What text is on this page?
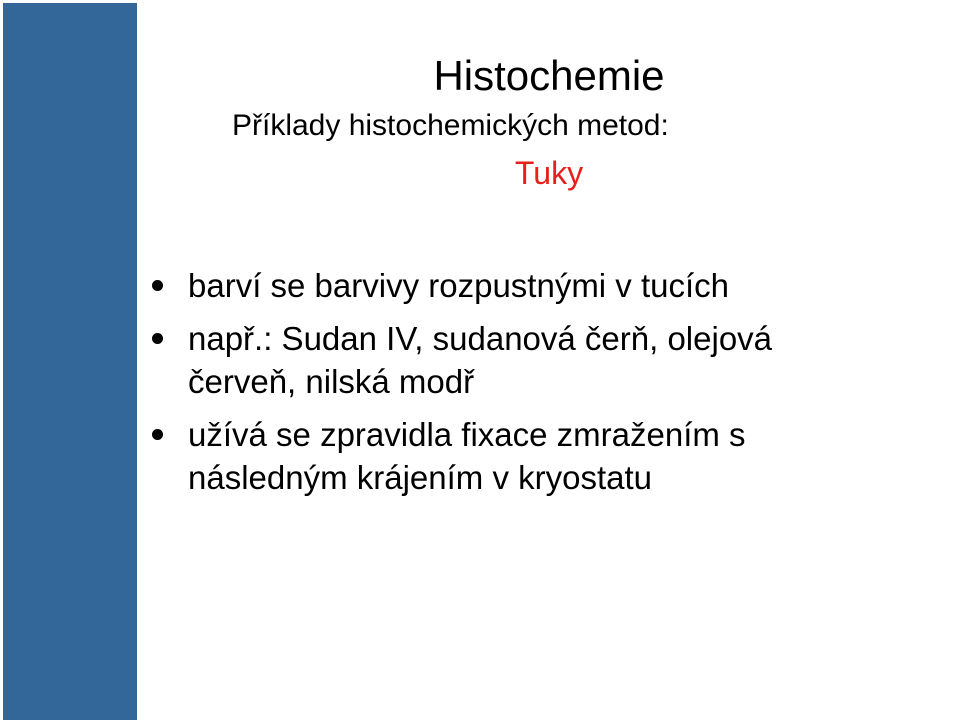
Histochemie
Příklady histochemických metod:
Tuky
barví se barvivy rozpustnými v tucích
např.: Sudan IV, sudanová čerň, olejová červeň, nilská modř
užívá se zpravidla fixace zmražením s následným krájením v kryostatu
